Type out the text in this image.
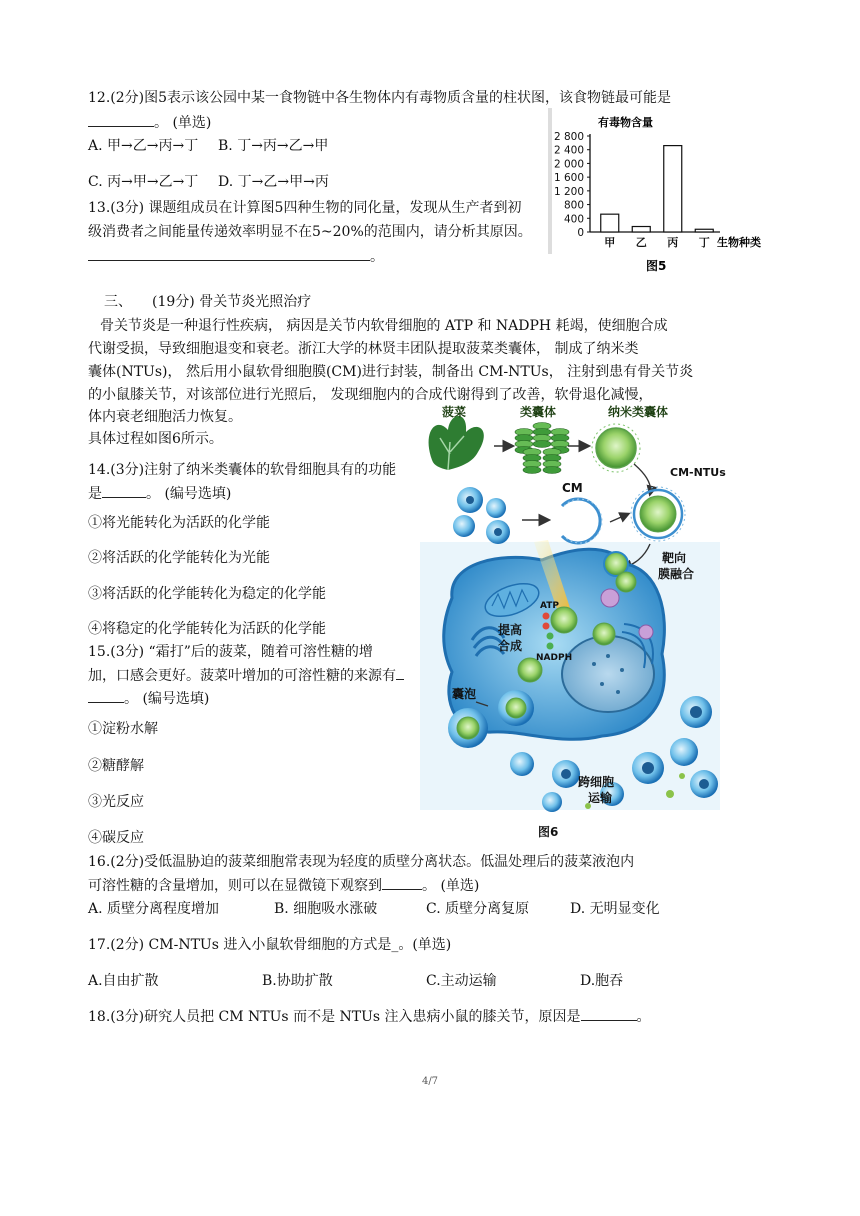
12.(2分)图5表示该公园中某一食物链中各生物体内有毒物质含量的柱状图，该食物链最可能是
。 (单选)
A. 甲→乙→丙→丁 B. 丁→丙→乙→甲
C. 丙→甲→乙→丁 D. 丁→乙→甲→丙
13.(3分) 课题组成员在计算图5四种生物的同化量，发现从生产者到初
级消费者之间能量传递效率明显不在5~20%的范围内，请分析其原因。
。
有毒物含量
0
400
800
1 200
1 600
2 000
2 400
2 800
甲 乙 丙 丁 生物种类
图5
三、 (19分) 骨关节炎光照治疗
骨关节炎是一种退行性疾病， 病因是关节内软骨细胞的 ATP 和 NADPH 耗竭，使细胞合成
代谢受损，导致细胞退变和衰老。浙江大学的林贤丰团队提取菠菜类囊体， 制成了纳米类
囊体(NTUs)， 然后用小鼠软骨细胞膜(CM)进行封装，制备出 CM-NTUs， 注射到患有骨关节炎
的小鼠膝关节，对该部位进行光照后， 发现细胞内的合成代谢得到了改善，软骨退化减慢，
体内衰老细胞活力恢复。
具体过程如图6所示。
14.(3分)注射了纳米类囊体的软骨细胞具有的功能
是	。 (编号选填)
①将光能转化为活跃的化学能
②将活跃的化学能转化为光能
③将活跃的化学能转化为稳定的化学能
④将稳定的化学能转化为活跃的化学能
15.(3分) “霜打”后的菠菜，随着可溶性糖的增
加，口感会更好。菠菜叶增加的可溶性糖的来源有
。 (编号选填)
①淀粉水解
②糖酵解
③光反应
④碳反应
菠菜	类囊体	纳米类囊体
CM-NTUs
CM
靶向
膜融合
ATP
NADPH
提高
合成
囊泡
跨细胞
运输
图6
16.(2分)受低温胁迫的菠菜细胞常表现为轻度的质壁分离状态。低温处理后的菠菜液泡内
可溶性糖的含量增加，则可以在显微镜下观察到	。 (单选)
A. 质壁分离程度增加	B. 细胞吸水涨破	C. 质壁分离复原	D. 无明显变化
17.(2分) CM-NTUs 进入小鼠软骨细胞的方式是_。(单选)
A.自由扩散	B.协助扩散	C.主动运输	D.胞吞
18.(3分)研究人员把 CM NTUs 而不是 NTUs 注入患病小鼠的膝关节，原因是	。
4/7
